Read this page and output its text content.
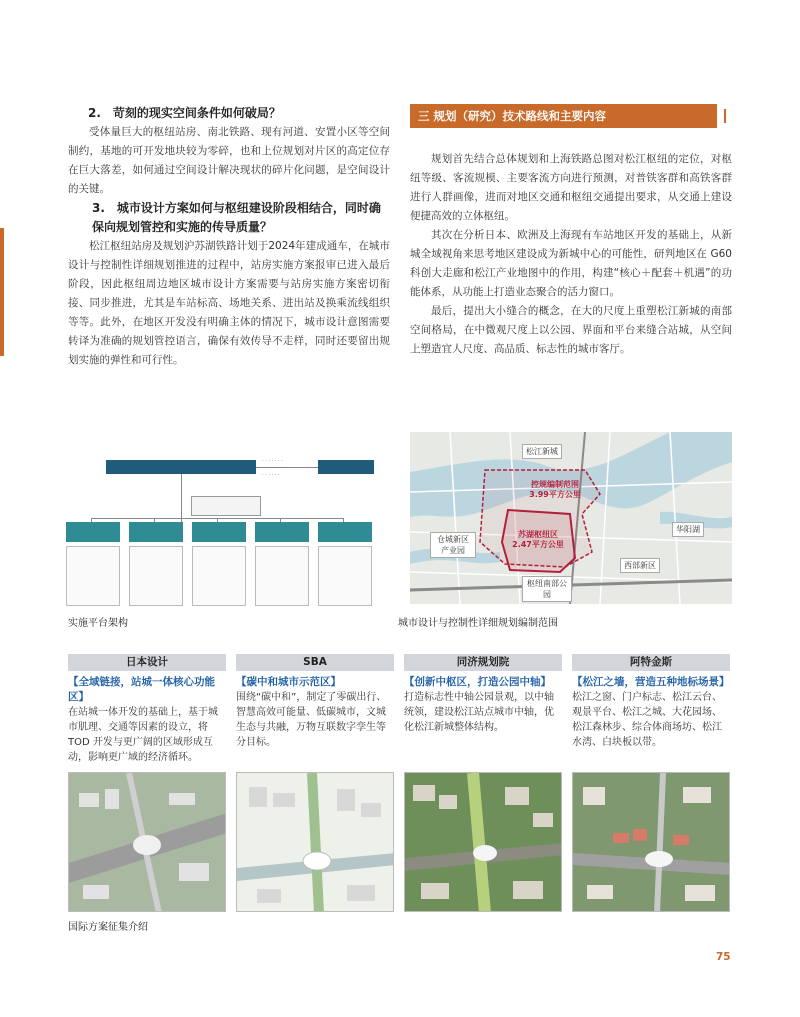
2.　苛刻的现实空间条件如何破局？
受体量巨大的枢纽站房、南北铁路、现有河道、安置小区等空间制约，基地的可开发地块较为零碎，也和上位规划对片区的高定位存在巨大落差，如何通过空间设计解决现状的碎片化问题，是空间设计的关键。
3.　城市设计方案如何与枢纽建设阶段相结合，同时确保向规划管控和实施的传导质量？
松江枢纽站房及规划沪苏湖铁路计划于2024年建成通车，在城市设计与控制性详细规划推进的过程中，站房实施方案报审已进入最后阶段，因此枢纽周边地区城市设计方案需要与站房实施方案密切衔接、同步推进，尤其是车站标高、场地关系、进出站及换乘流线组织等等。此外，在地区开发没有明确主体的情况下，城市设计意图需要转译为准确的规划管控语言，确保有效传导不走样，同时还要留出规划实施的弹性和可行性。
三 规划（研究）技术路线和主要内容
规划首先结合总体规划和上海铁路总图对松江枢纽的定位，对枢纽等级、客流规模、主要客流方向进行预测，对普铁客群和高铁客群进行人群画像，进而对地区交通和枢纽交通提出要求，从交通上建设便捷高效的立体枢纽。
其次在分析日本、欧洲及上海现有车站地区开发的基础上，从新城全域视角来思考地区建设成为新城中心的可能性，研判地区在 G60 科创大走廊和松江产业地图中的作用，构建“核心＋配套＋机遇”的功能体系，从功能上打造业态聚合的活力窗口。
最后，提出大小缝合的概念，在大的尺度上重塑松江新城的南部空间格局，在中微观尺度上以公园、界面和平台来缝合站城，从空间上塑造宜人尺度、高品质、标志性的城市客厅。
· · · · · · ·
· · · · · · ·
· · · · · ·
实施平台架构
松江新城
控规编制范围
3.99平方公里
苏湖枢纽区
2.47平方公里
仓城新区产业园
华阳湖
西部新区
枢纽南部公园
城市设计与控制性详细规划编制范围
日本设计
【全域链接，站城一体核心功能区】
在站城一体开发的基础上，基于城市肌理、交通等因素的设立，将 TOD 开发与更广阔的区域形成互动，影响更广域的经济循环。
SBA
【碳中和城市示范区】
围绕“碳中和”，制定了零碳出行、智慧高效可能量、低碳城市，文城生态与共融，万物互联数字孪生等分目标。
同济规划院
【创新中枢区，打造公园中轴】
打造标志性中轴公园景观，以中轴统领，建设松江站点城市中轴，优化松江新城整体结构。
阿特金斯
【松江之墙，营造五种地标场景】
松江之窗、门户标志、松江云台、观景平台、松江之城、大花园场、松江森林步、综合体商场坊、松江水湾、白块板以带。
国际方案征集介绍
75
